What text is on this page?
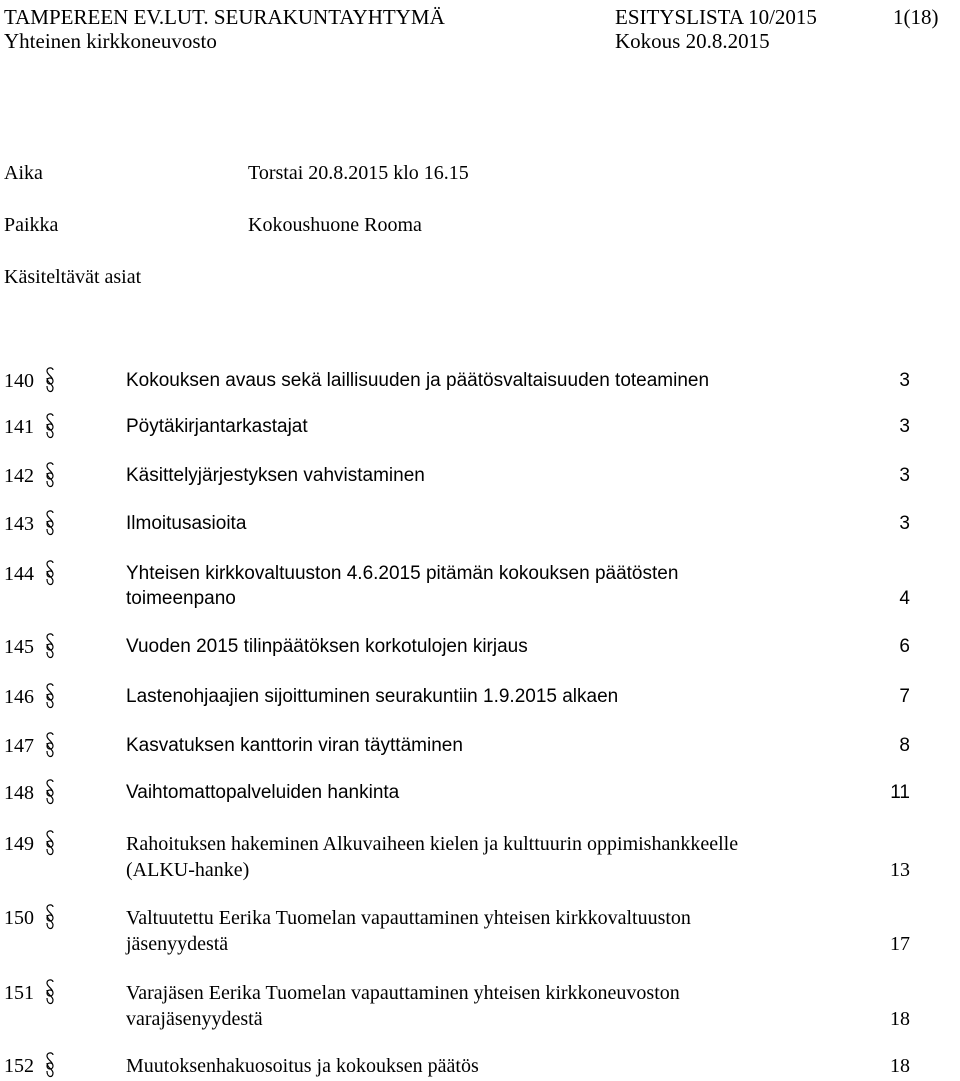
TAMPEREEN EV.LUT. SEURAKUNTAYHTYMÄ	ESITYSLISTA 10/2015	1(18)
Yhteinen kirkkoneuvosto	Kokous 20.8.2015
Aika	Torstai 20.8.2015 klo 16.15
Paikka	Kokoushuone Rooma
Käsiteltävät asiat
140	Kokouksen avaus sekä laillisuuden ja päätösvaltaisuuden toteaminen	3
141	Pöytäkirjantarkastajat	3
142	Käsittelyjärjestyksen vahvistaminen	3
143	Ilmoitusasioita	3
144	Yhteisen kirkkovaltuuston 4.6.2015 pitämän kokouksen päätösten
toimeenpano	4
145	Vuoden 2015 tilinpäätöksen korkotulojen kirjaus	6
146	Lastenohjaajien sijoittuminen seurakuntiin 1.9.2015 alkaen	7
147	Kasvatuksen kanttorin viran täyttäminen	8
148	Vaihtomattopalveluiden hankinta	11
149	Rahoituksen hakeminen Alkuvaiheen kielen ja kulttuurin oppimishankkeelle
(ALKU-hanke)	13
150	Valtuutettu Eerika Tuomelan vapauttaminen yhteisen kirkkovaltuuston
jäsenyydestä	17
151	Varajäsen Eerika Tuomelan vapauttaminen yhteisen kirkkoneuvoston
varajäsenyydestä	18
152	Muutoksenhakuosoitus ja kokouksen päätös	18
